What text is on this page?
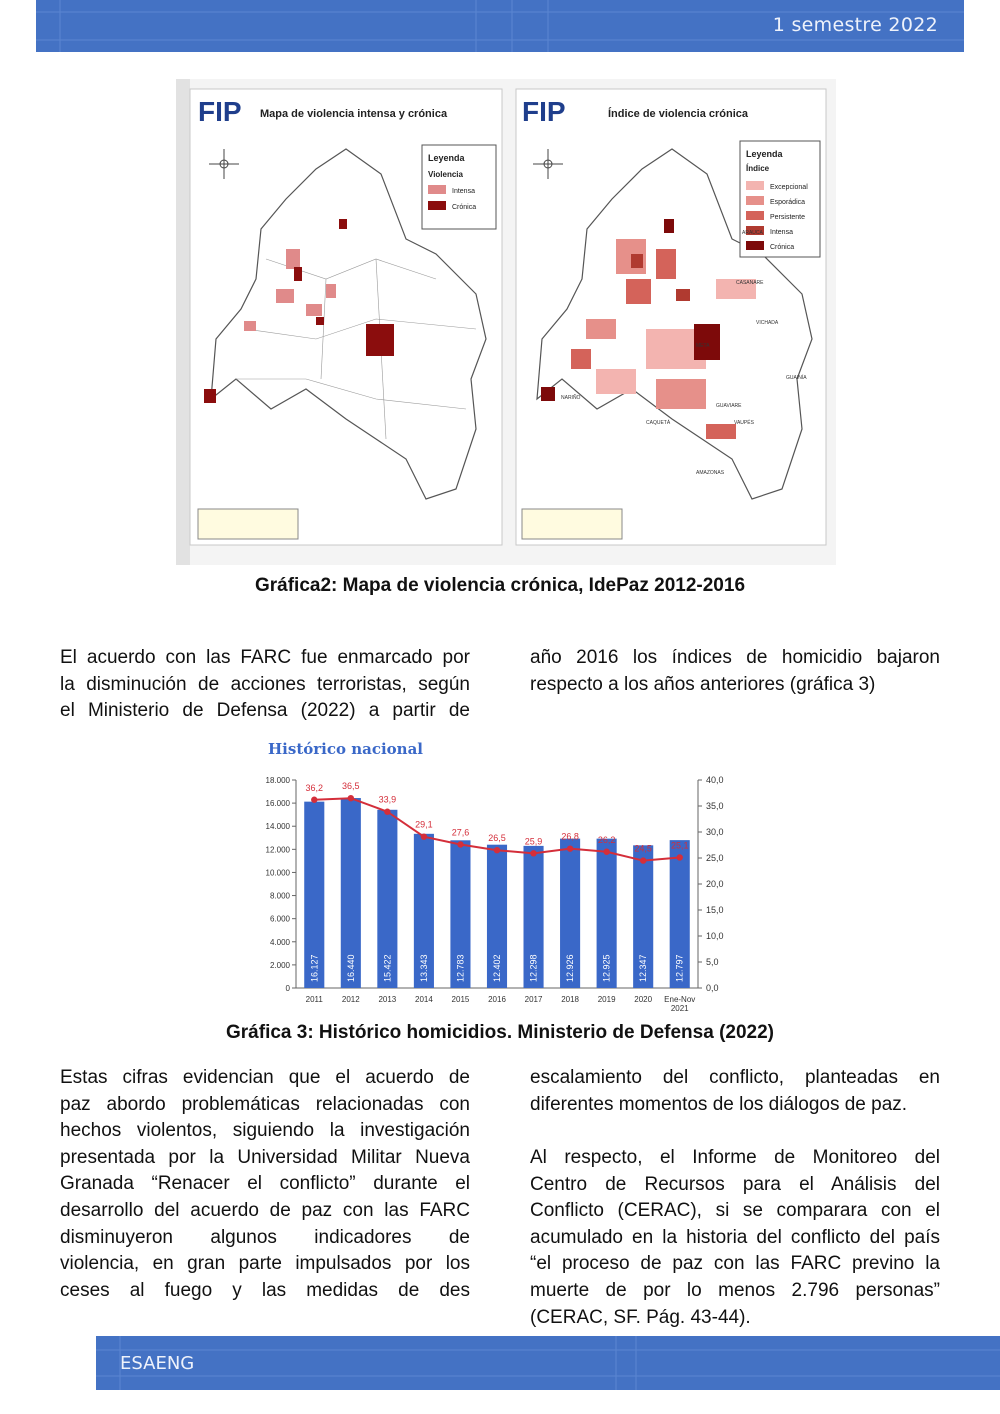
1 semestre 2022
FIP Mapa de violencia intensa y crónica
Leyenda
Violencia
Intensa
Crónica
FIP	Índice de violencia crónica
Leyenda
Índice
Excepcional
Esporádica
Persistente
Intensa
Crónica
META
GUAINÍA
VICHADA
CASANARE
ARAUCA
GUAVIARE
CAQUETÁ	VAUPÉS
AMAZONAS
NARIÑO
Gráfica2: Mapa de violencia crónica, IdePaz 2012-2016
El acuerdo con las FARC fue enmarcado por
la disminución de acciones terroristas, según
el Ministerio de Defensa (2022) a partir de
año 2016 los índices de homicidio bajaron
respecto a los años anteriores (gráfica 3)
Histórico nacional
18.000
16.000
14.000
12.000
10.000
8.000
6.000
4.000
2.000
0
40,0
35,0
30,0
25,0
20,0
15,0
10,0
5,0
0,0
16.127	16.440	15.422	13.343	12.783	12.402	12.298	12.926	12.925	12.347	12.797
36,2 36,5
33,9
29,1
27,6
26,5 25,9 26,8 26,2
24,5 25,1
2011 2012 2013 2014 2015 2016 2017 2018 2019 2020 Ene-Nov
2021
Gráfica 3: Histórico homicidios. Ministerio de Defensa (2022)
Estas cifras evidencian que el acuerdo de
paz abordo problemáticas relacionadas con
hechos violentos, siguiendo la investigación
presentada por la Universidad Militar Nueva
Granada “Renacer el conflicto” durante el
desarrollo del acuerdo de paz con las FARC
disminuyeron algunos indicadores de
violencia, en gran parte impulsados por los
ceses al fuego y las medidas de des
escalamiento del conflicto, planteadas en
diferentes momentos de los diálogos de paz.
Al respecto, el Informe de Monitoreo del
Centro de Recursos para el Análisis del
Conflicto (CERAC), si se comparara con el
acumulado en la historia del conflicto del país
“el proceso de paz con las FARC previno la
muerte de por lo menos 2.796 personas”
(CERAC, SF. Pág. 43-44).
ESAENG
